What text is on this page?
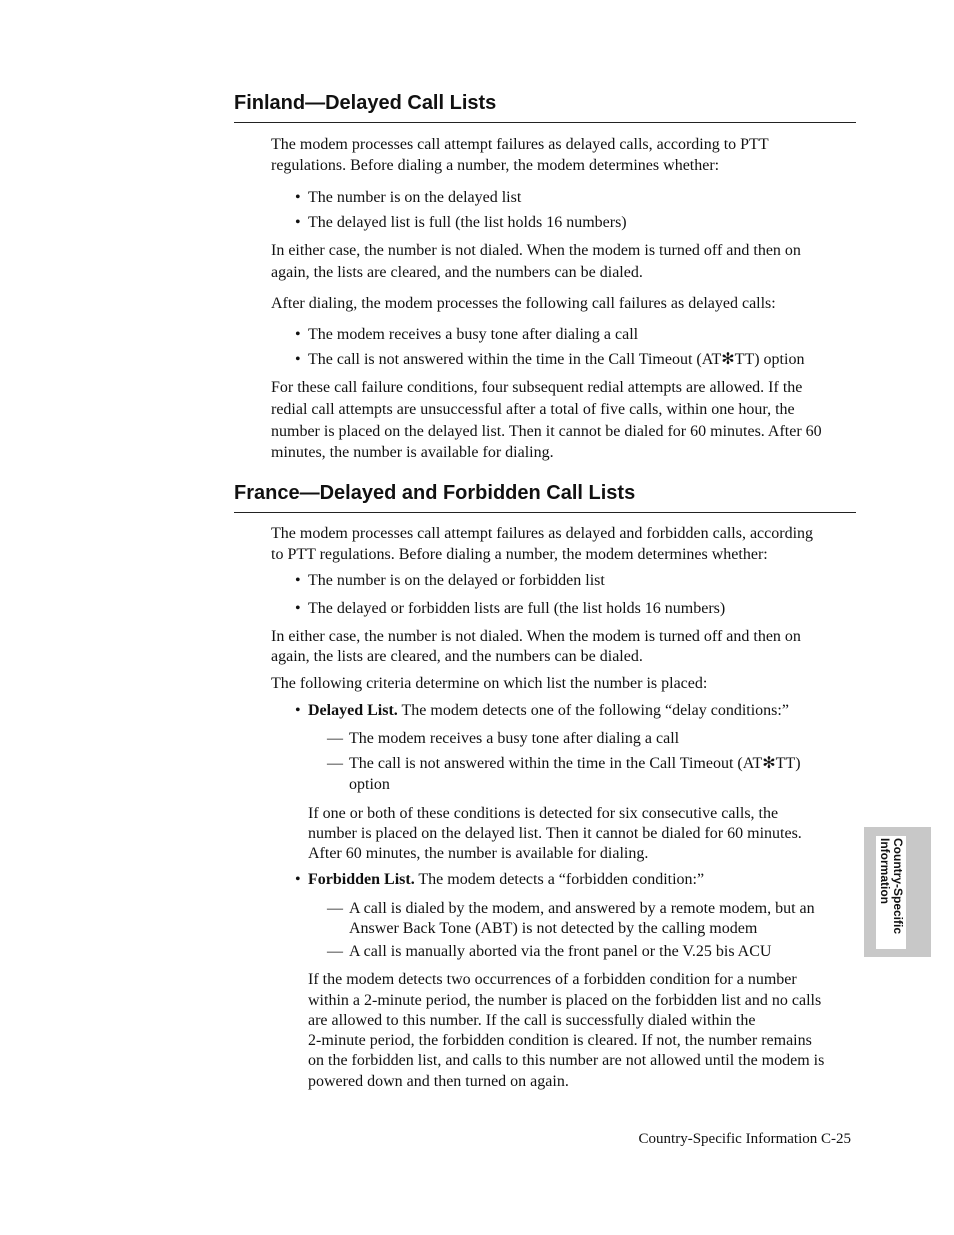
Finland—Delayed Call Lists

The modem processes call attempt failures as delayed calls, according to PTT

regulations. Before dialing a number, the modem determines whether:

• The number is on the delayed list

• The delayed list is full (the list holds 16 numbers)

In either case, the number is not dialed. When the modem is turned off and then on

again, the lists are cleared, and the numbers can be dialed.

After dialing, the modem processes the following call failures as delayed calls:

• The modem receives a busy tone after dialing a call

• The call is not answered within the time in the Call Timeout (AT✻TT) option

For these call failure conditions, four subsequent redial attempts are allowed. If the

redial call attempts are unsuccessful after a total of five calls, within one hour, the

number is placed on the delayed list. Then it cannot be dialed for 60 minutes. After 60

minutes, the number is available for dialing.

France—Delayed and Forbidden Call Lists

The modem processes call attempt failures as delayed and forbidden calls, according

to PTT regulations. Before dialing a number, the modem determines whether:

• The number is on the delayed or forbidden list

• The delayed or forbidden lists are full (the list holds 16 numbers)

In either case, the number is not dialed. When the modem is turned off and then on

again, the lists are cleared, and the numbers can be dialed.

The following criteria determine on which list the number is placed:

• Delayed List. The modem detects one of the following “delay conditions:”

— The modem receives a busy tone after dialing a call

— The call is not answered within the time in the Call Timeout (AT✻TT)

option

If one or both of these conditions is detected for six consecutive calls, the

number is placed on the delayed list. Then it cannot be dialed for 60 minutes.

After 60 minutes, the number is available for dialing.

• Forbidden List. The modem detects a “forbidden condition:”

— A call is dialed by the modem, and answered by a remote modem, but an

Answer Back Tone (ABT) is not detected by the calling modem

— A call is manually aborted via the front panel or the V.25 bis ACU

If the modem detects two occurrences of a forbidden condition for a number

within a 2-minute period, the number is placed on the forbidden list and no calls

are allowed to this number. If the call is successfully dialed within the

2-minute period, the forbidden condition is cleared. If not, the number remains

on the forbidden list, and calls to this number are not allowed until the modem is

powered down and then turned on again.

Country-Specific Information
Country-Specific Information C-25
